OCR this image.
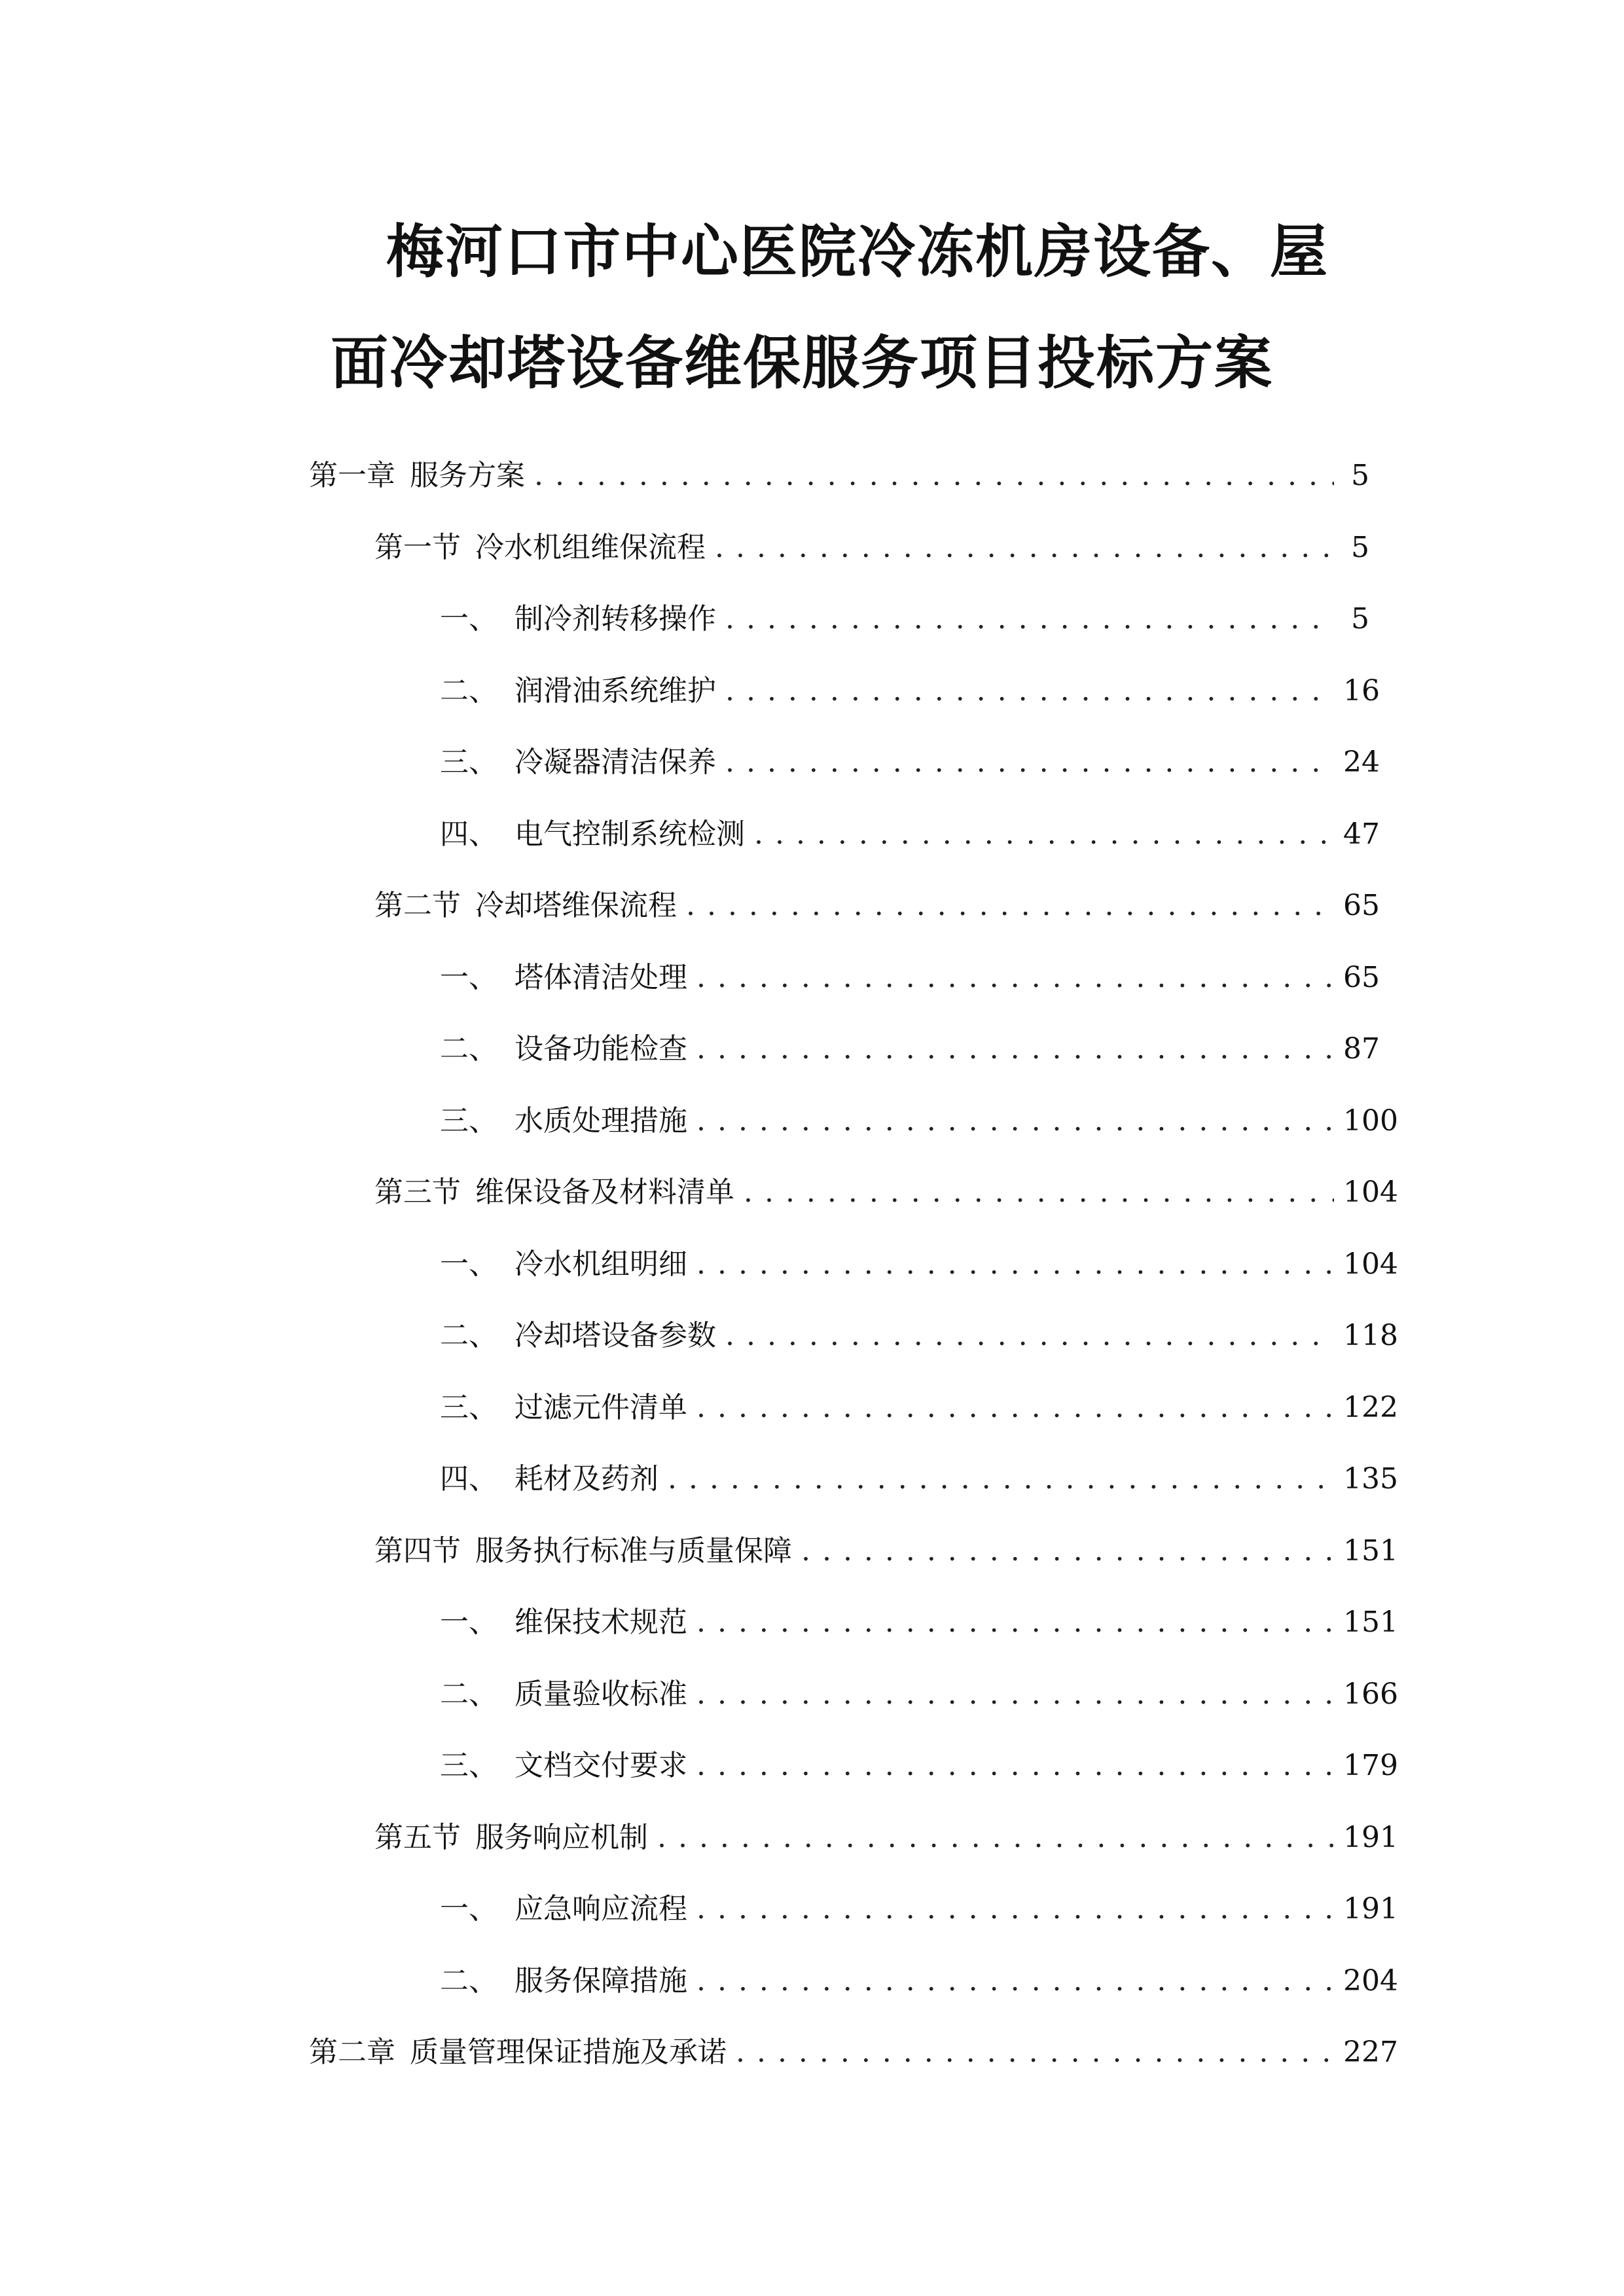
梅河口市中心医院冷冻机房设备、屋
面冷却塔设备维保服务项目投标方案
第一章 服务方案 . . .	5
第一节 冷水机组维保流程 . . .	5
一、 制冷剂转移操作 . . .	5
二、 润滑油系统维护 . . .	16
三、 冷凝器清洁保养 . . .	24
四、 电气控制系统检测 . . .	47
第二节 冷却塔维保流程 . . .	65
一、 塔体清洁处理 . . .	65
二、 设备功能检查 . . .	87
三、 水质处理措施 . . .	100
第三节 维保设备及材料清单 . . .	104
一、 冷水机组明细 . . .	104
二、 冷却塔设备参数 . . .	118
三、 过滤元件清单 . . .	122
四、 耗材及药剂 . . .	135
第四节 服务执行标准与质量保障 . . .	151
一、 维保技术规范 . . .	151
二、 质量验收标准 . . .	166
三、 文档交付要求 . . .	179
第五节 服务响应机制 . . .	191
一、 应急响应流程 . . .	191
二、 服务保障措施 . . .	204
第二章 质量管理保证措施及承诺 . . .	227
